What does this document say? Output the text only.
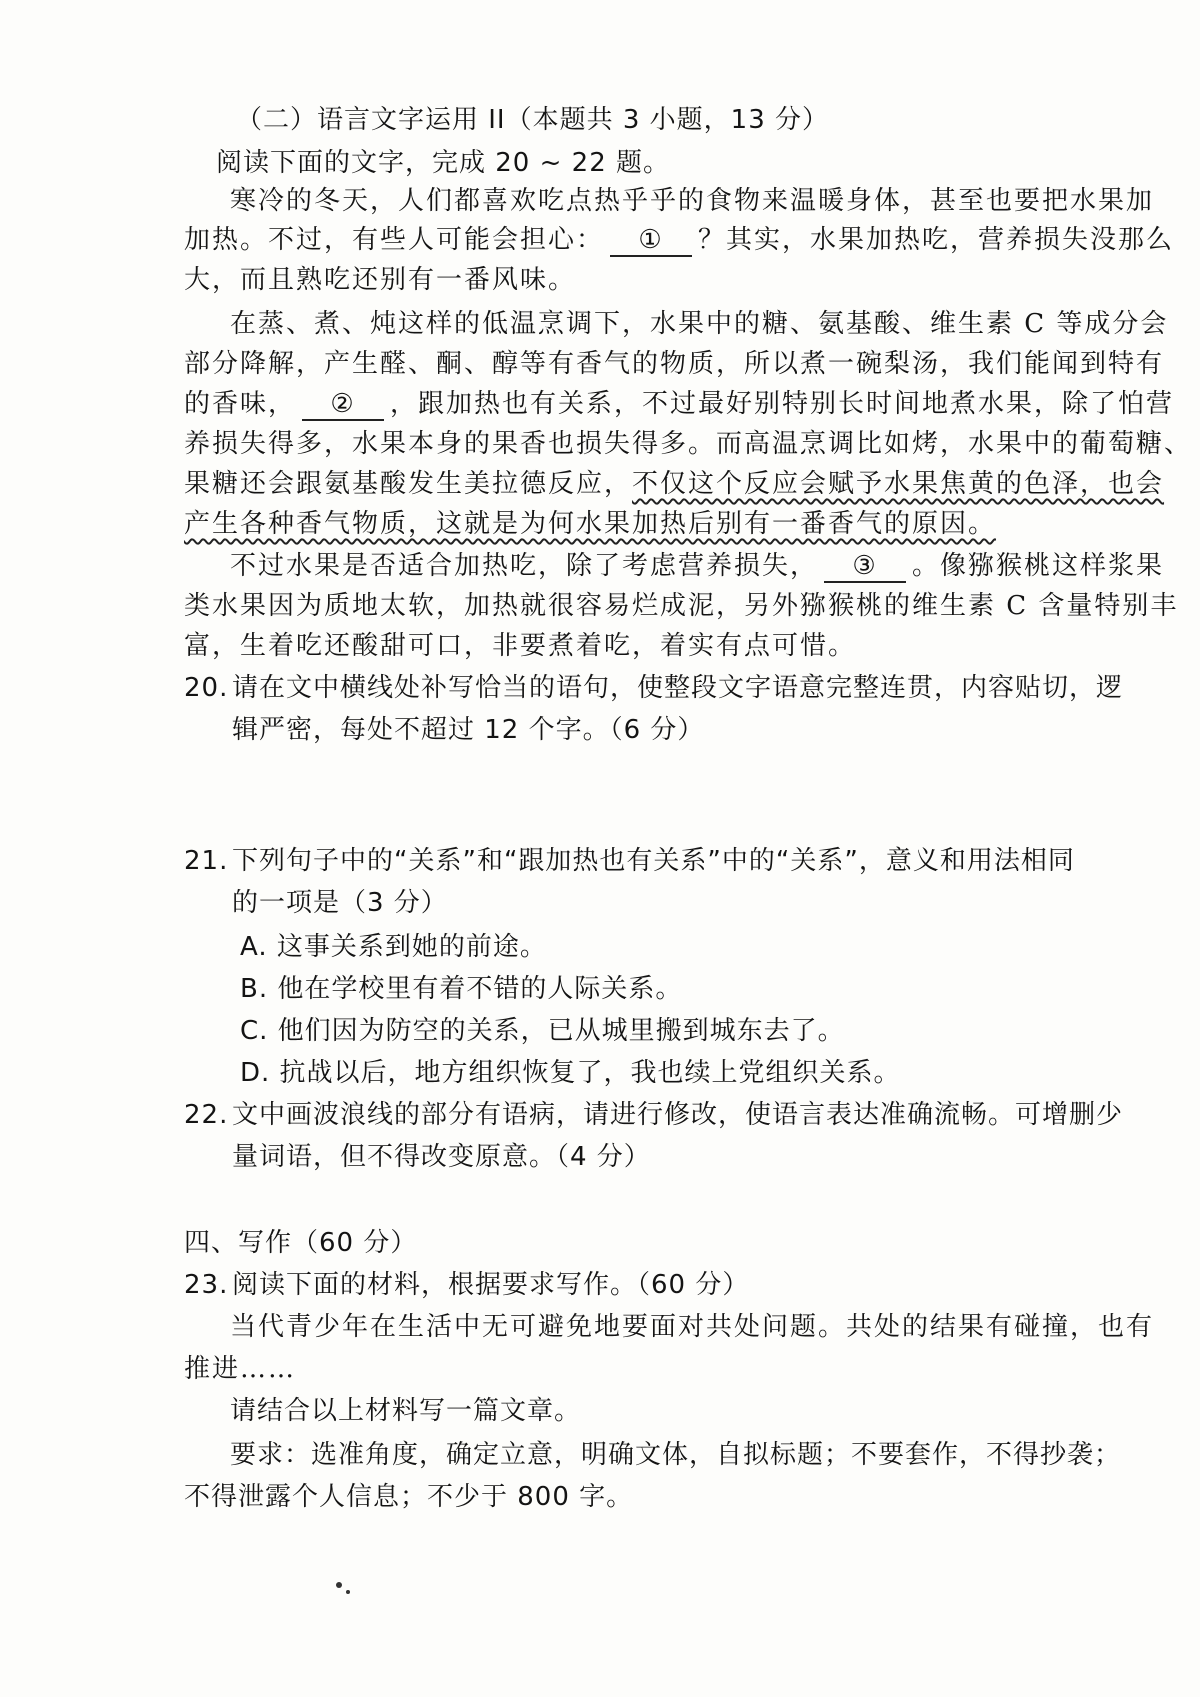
（二）语言文字运用 II（本题共 3 小题，13 分）
阅读下面的文字，完成 20 ~ 22 题。
寒冷的冬天，人们都喜欢吃点热乎乎的食物来温暖身体，甚至也要把水果加
加热。不过，有些人可能会担心： ① ？其实，水果加热吃，营养损失没那么
大，而且熟吃还别有一番风味。
在蒸、煮、炖这样的低温烹调下，水果中的糖、氨基酸、维生素 C 等成分会
部分降解，产生醛、酮、醇等有香气的物质，所以煮一碗梨汤，我们能闻到特有
的香味， ② ，跟加热也有关系，不过最好别特别长时间地煮水果，除了怕营
养损失得多，水果本身的果香也损失得多。而高温烹调比如烤，水果中的葡萄糖、
果糖还会跟氨基酸发生美拉德反应，不仅这个反应会赋予水果焦黄的色泽，也会
产生各种香气物质，这就是为何水果加热后别有一番香气的原因。
不过水果是否适合加热吃，除了考虑营养损失， ③ 。像猕猴桃这样浆果
类水果因为质地太软，加热就很容易烂成泥，另外猕猴桃的维生素 C 含量特别丰
富，生着吃还酸甜可口，非要煮着吃，着实有点可惜。
20. 请在文中横线处补写恰当的语句，使整段文字语意完整连贯，内容贴切，逻
辑严密，每处不超过 12 个字。（6 分）
21. 下列句子中的“关系”和“跟加热也有关系”中的“关系”，意义和用法相同
的一项是（3 分）
A. 这事关系到她的前途。
B. 他在学校里有着不错的人际关系。
C. 他们因为防空的关系，已从城里搬到城东去了。
D. 抗战以后，地方组织恢复了，我也续上党组织关系。
22. 文中画波浪线的部分有语病，请进行修改，使语言表达准确流畅。可增删少
量词语，但不得改变原意。（4 分）
四、写作（60 分）
23. 阅读下面的材料，根据要求写作。（60 分）
当代青少年在生活中无可避免地要面对共处问题。共处的结果有碰撞，也有
推进……
请结合以上材料写一篇文章。
要求：选准角度，确定立意，明确文体，自拟标题；不要套作，不得抄袭；
不得泄露个人信息；不少于 800 字。
